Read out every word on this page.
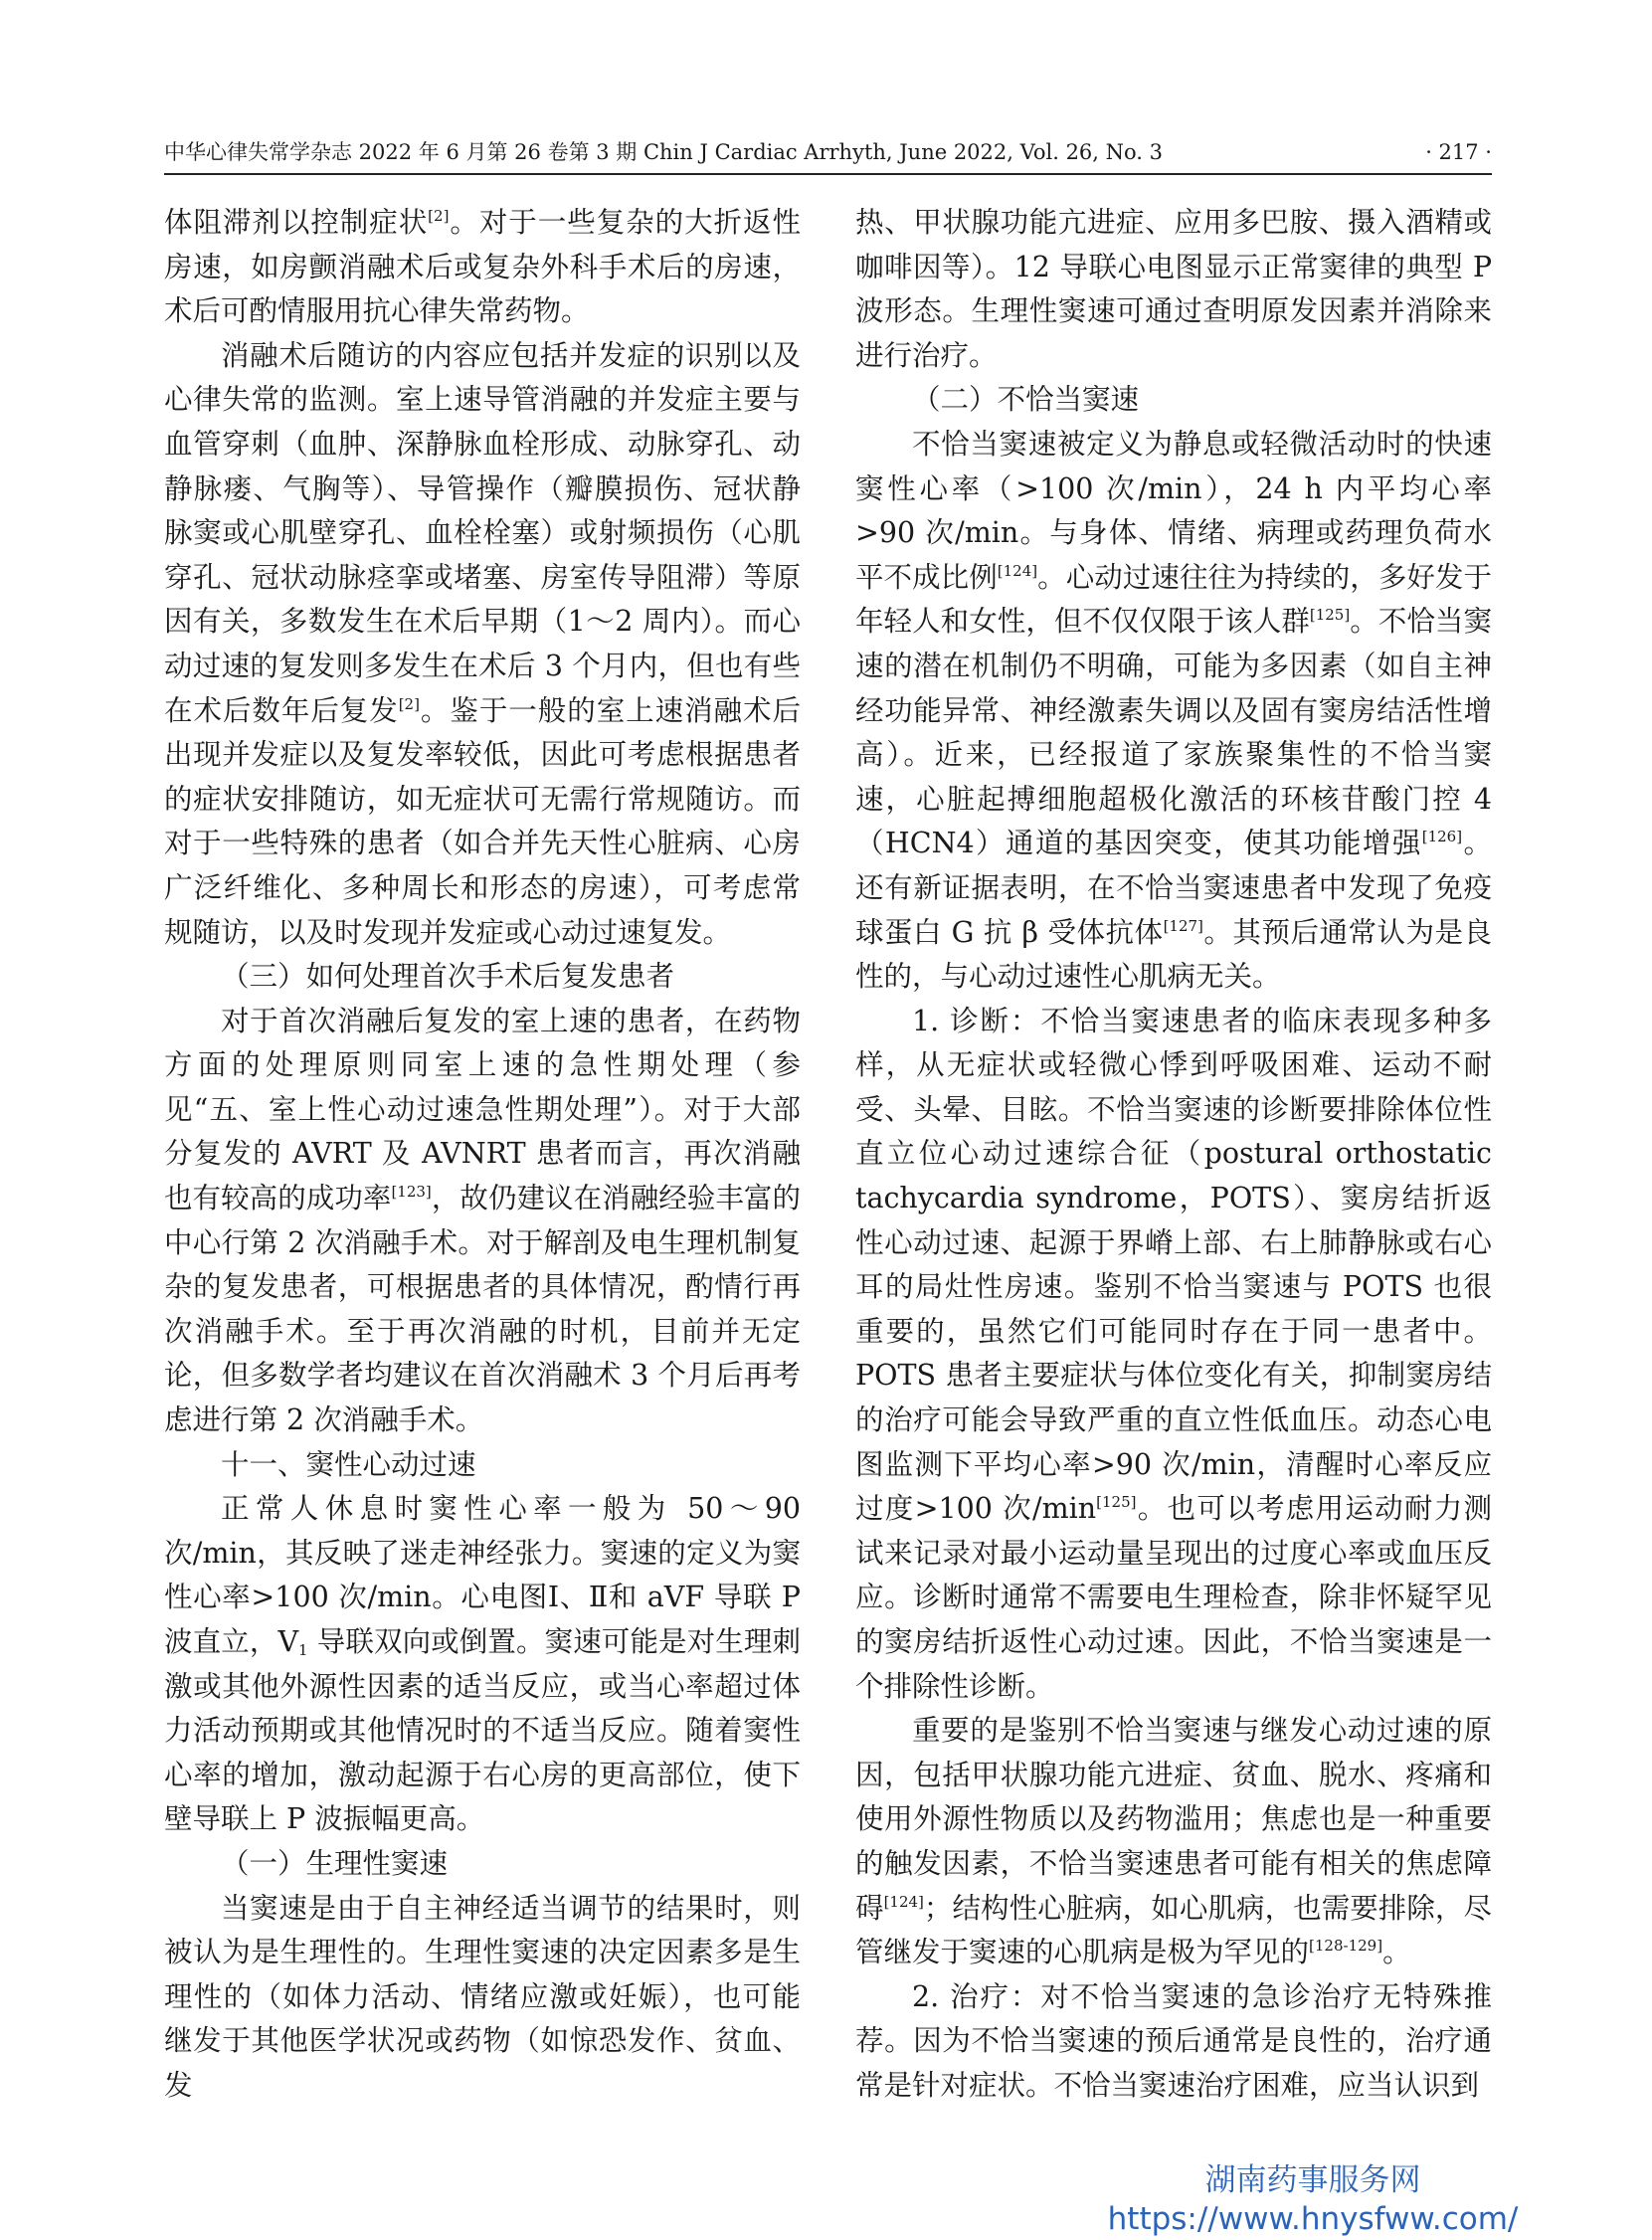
中华心律失常学杂志 2022 年 6 月第 26 卷第 3 期 Chin J Cardiac Arrhyth, June 2022, Vol. 26, No. 3	· 217 ·

体阻滞剂以控制症状[2]。对于一些复杂的大折返性房速，如房颤消融术后或复杂外科手术后的房速，术后可酌情服用抗心律失常药物。

消融术后随访的内容应包括并发症的识别以及心律失常的监测。室上速导管消融的并发症主要与血管穿刺（血肿、深静脉血栓形成、动脉穿孔、动静脉瘘、气胸等）、导管操作（瓣膜损伤、冠状静脉窦或心肌壁穿孔、血栓栓塞）或射频损伤（心肌穿孔、冠状动脉痉挛或堵塞、房室传导阻滞）等原因有关，多数发生在术后早期（1～2 周内）。而心动过速的复发则多发生在术后 3 个月内，但也有些在术后数年后复发[2]。鉴于一般的室上速消融术后出现并发症以及复发率较低，因此可考虑根据患者的症状安排随访，如无症状可无需行常规随访。而对于一些特殊的患者（如合并先天性心脏病、心房广泛纤维化、多种周长和形态的房速），可考虑常规随访，以及时发现并发症或心动过速复发。

（三）如何处理首次手术后复发患者

对于首次消融后复发的室上速的患者，在药物方面的处理原则同室上速的急性期处理（参见“五、室上性心动过速急性期处理”）。对于大部分复发的 AVRT 及 AVNRT 患者而言，再次消融也有较高的成功率[123]，故仍建议在消融经验丰富的中心行第 2 次消融手术。对于解剖及电生理机制复杂的复发患者，可根据患者的具体情况，酌情行再次消融手术。至于再次消融的时机，目前并无定论，但多数学者均建议在首次消融术 3 个月后再考虑进行第 2 次消融手术。

十一、窦性心动过速

正常人休息时窦性心率一般为 50～90 次/min，其反映了迷走神经张力。窦速的定义为窦性心率>100 次/min。心电图Ⅰ、Ⅱ和 aVF 导联 P 波直立，$V_1$ 导联双向或倒置。窦速可能是对生理刺激或其他外源性因素的适当反应，或当心率超过体力活动预期或其他情况时的不适当反应。随着窦性心率的增加，激动起源于右心房的更高部位，使下壁导联上 P 波振幅更高。

（一）生理性窦速

当窦速是由于自主神经适当调节的结果时，则被认为是生理性的。生理性窦速的决定因素多是生理性的（如体力活动、情绪应激或妊娠），也可能继发于其他医学状况或药物（如惊恐发作、贫血、发

热、甲状腺功能亢进症、应用多巴胺、摄入酒精或咖啡因等）。12 导联心电图显示正常窦律的典型 P 波形态。生理性窦速可通过查明原发因素并消除来进行治疗。

（二）不恰当窦速

不恰当窦速被定义为静息或轻微活动时的快速窦性心率（>100 次/min），24 h 内平均心率>90 次/min。与身体、情绪、病理或药理负荷水平不成比例[124]。心动过速往往为持续的，多好发于年轻人和女性，但不仅仅限于该人群[125]。不恰当窦速的潜在机制仍不明确，可能为多因素（如自主神经功能异常、神经激素失调以及固有窦房结活性增高）。近来，已经报道了家族聚集性的不恰当窦速，心脏起搏细胞超极化激活的环核苷酸门控 4（HCN4）通道的基因突变，使其功能增强[126]。还有新证据表明，在不恰当窦速患者中发现了免疫球蛋白 G 抗 β 受体抗体[127]。其预后通常认为是良性的，与心动过速性心肌病无关。

1. 诊断：不恰当窦速患者的临床表现多种多样，从无症状或轻微心悸到呼吸困难、运动不耐受、头晕、目眩。不恰当窦速的诊断要排除体位性直立位心动过速综合征（postural orthostatic tachycardia syndrome，POTS）、窦房结折返性心动过速、起源于界嵴上部、右上肺静脉或右心耳的局灶性房速。鉴别不恰当窦速与 POTS 也很重要的，虽然它们可能同时存在于同一患者中。POTS 患者主要症状与体位变化有关，抑制窦房结的治疗可能会导致严重的直立性低血压。动态心电图监测下平均心率>90 次/min，清醒时心率反应过度>100 次/min[125]。也可以考虑用运动耐力测试来记录对最小运动量呈现出的过度心率或血压反应。诊断时通常不需要电生理检查，除非怀疑罕见的窦房结折返性心动过速。因此，不恰当窦速是一个排除性诊断。

重要的是鉴别不恰当窦速与继发心动过速的原因，包括甲状腺功能亢进症、贫血、脱水、疼痛和使用外源性物质以及药物滥用；焦虑也是一种重要的触发因素，不恰当窦速患者可能有相关的焦虑障碍[124]；结构性心脏病，如心肌病，也需要排除，尽管继发于窦速的心肌病是极为罕见的[128-129]。

2. 治疗：对不恰当窦速的急诊治疗无特殊推荐。因为不恰当窦速的预后通常是良性的，治疗通常是针对症状。不恰当窦速治疗困难，应当认识到

湖南药事服务网
https://www.hnysfww.com/
